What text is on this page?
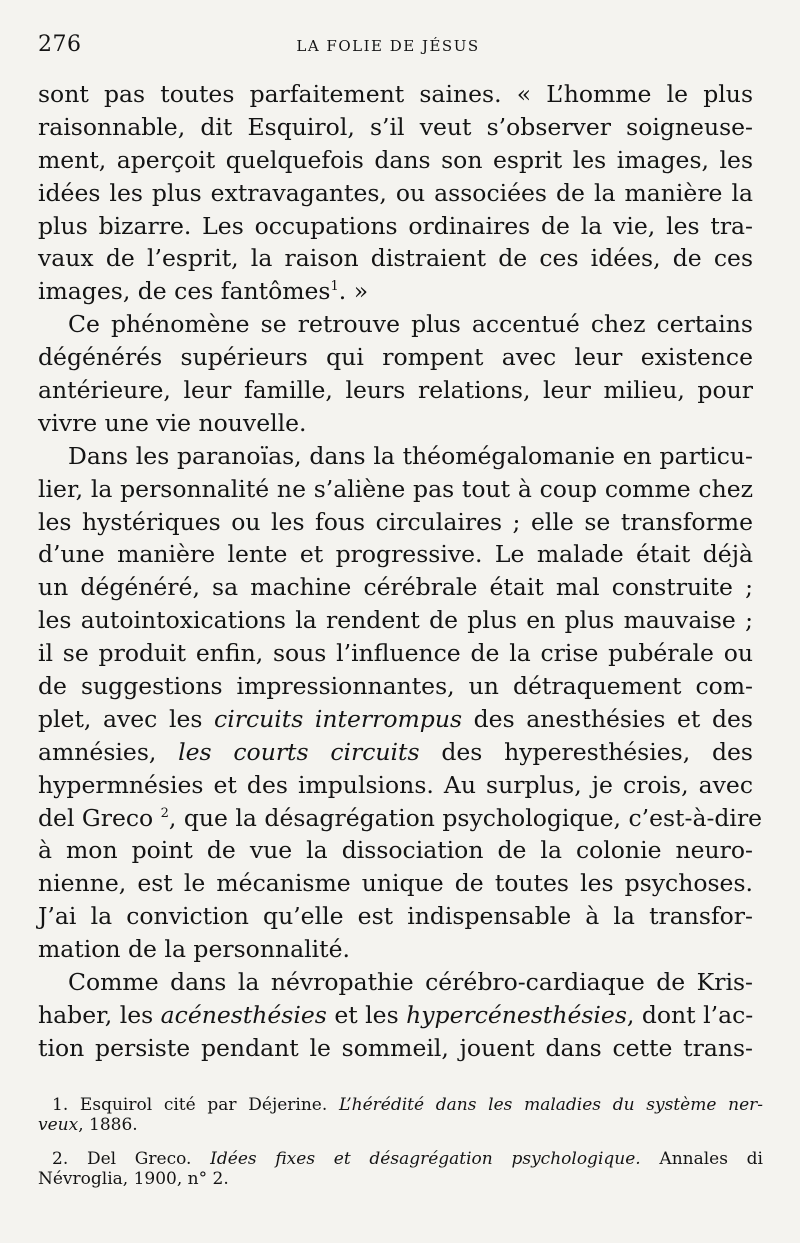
276	LA FOLIE DE JÉSUS
sont pas toutes parfaitement saines. « L’homme le plus
raisonnable, dit Esquirol, s’il veut s’observer soigneuse-
ment, aperçoit quelquefois dans son esprit les images, les
idées les plus extravagantes, ou associées de la manière la
plus bizarre. Les occupations ordinaires de la vie, les tra-
vaux de l’esprit, la raison distraient de ces idées, de ces
images, de ces fantômes$^1$. »
Ce phénomène se retrouve plus accentué chez certains
dégénérés supérieurs qui rompent avec leur existence
antérieure, leur famille, leurs relations, leur milieu, pour
vivre une vie nouvelle.
Dans les paranoïas, dans la théomégalomanie en particu-
lier, la personnalité ne s’aliène pas tout à coup comme chez
les hystériques ou les fous circulaires ; elle se transforme
d’une manière lente et progressive. Le malade était déjà
un dégénéré, sa machine cérébrale était mal construite ;
les autointoxications la rendent de plus en plus mauvaise ;
il se produit enfin, sous l’influence de la crise pubérale ou
de suggestions impressionnantes, un détraquement com-
plet, avec les circuits interrompus des anesthésies et des
amnésies, les courts circuits des hyperesthésies, des
hypermnésies et des impulsions. Au surplus, je crois, avec
del Greco $^2$, que la désagrégation psychologique, c’est-à-dire
à mon point de vue la dissociation de la colonie neuro-
nienne, est le mécanisme unique de toutes les psychoses.
J’ai la conviction qu’elle est indispensable à la transfor-
mation de la personnalité.
Comme dans la névropathie cérébro-cardiaque de Kris-
haber, les acénesthésies et les hypercénesthésies, dont l’ac-
tion persiste pendant le sommeil, jouent dans cette trans-
1. Esquirol cité par Déjerine. L’hérédité dans les maladies du système ner-
veux, 1886.
2. Del Greco. Idées fixes et désagrégation psychologique. Annales di
Névroglia, 1900, n° 2.
